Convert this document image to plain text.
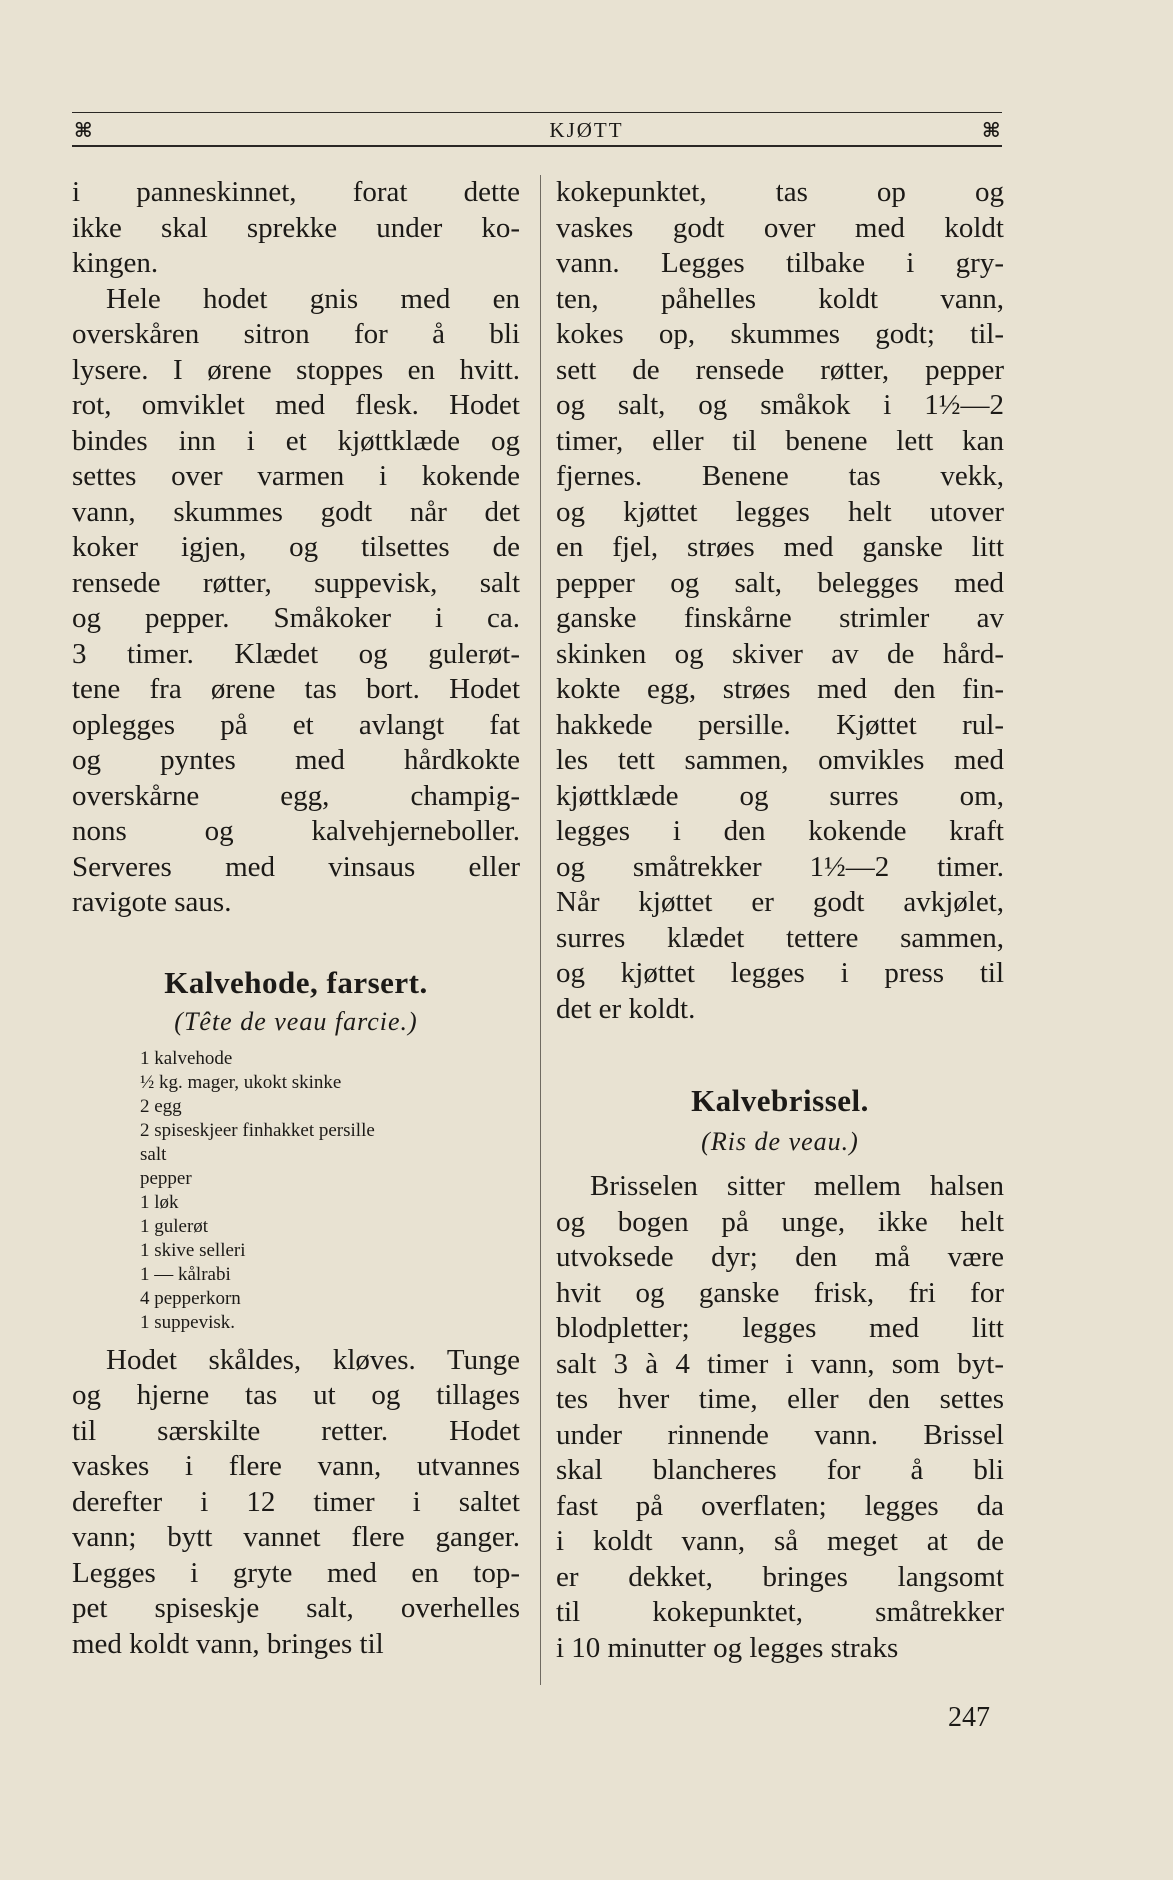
⌘	KJØTT	⌘
i panneskinnet, forat dette
ikke skal sprekke under ko-
kingen.
Hele hodet gnis med en
overskåren sitron for å bli
lysere. I ørene stoppes en hvitt.
rot, omviklet med flesk. Hodet
bindes inn i et kjøttklæde og
settes over varmen i kokende
vann, skummes godt når det
koker igjen, og tilsettes de
rensede røtter, suppevisk, salt
og pepper. Småkoker i ca.
3 timer. Klædet og gulerøt-
tene fra ørene tas bort. Hodet
oplegges på et avlangt fat
og pyntes med hårdkokte
overskårne egg, champig-
nons og kalvehjerneboller.
Serveres med vinsaus eller
ravigote saus.
Kalvehode, farsert.

(Tête de veau farcie.)

1 kalvehode
½ kg. mager, ukokt skinke
2 egg
2 spiseskjeer finhakket persille
salt
pepper
1 løk
1 gulerøt
1 skive selleri
1 — kålrabi
4 pepperkorn
1 suppevisk.
Hodet skåldes, kløves. Tunge
og hjerne tas ut og tillages
til særskilte retter. Hodet
vaskes i flere vann, utvannes
derefter i 12 timer i saltet
vann; bytt vannet flere ganger.
Legges i gryte med en top-
pet spiseskje salt, overhelles
med koldt vann, bringes til
kokepunktet, tas op og
vaskes godt over med koldt
vann. Legges tilbake i gry-
ten, påhelles koldt vann,
kokes op, skummes godt; til-
sett de rensede røtter, pepper
og salt, og småkok i 1½—2
timer, eller til benene lett kan
fjernes. Benene tas vekk,
og kjøttet legges helt utover
en fjel, strøes med ganske litt
pepper og salt, belegges med
ganske finskårne strimler av
skinken og skiver av de hård-
kokte egg, strøes med den fin-
hakkede persille. Kjøttet rul-
les tett sammen, omvikles med
kjøttklæde og surres om,
legges i den kokende kraft
og småtrekker 1½—2 timer.
Når kjøttet er godt avkjølet,
surres klædet tettere sammen,
og kjøttet legges i press til
det er koldt.
Kalvebrissel.

(Ris de veau.)

Brisselen sitter mellem halsen
og bogen på unge, ikke helt
utvoksede dyr; den må være
hvit og ganske frisk, fri for
blodpletter; legges med litt
salt 3 à 4 timer i vann, som byt-
tes hver time, eller den settes
under rinnende vann. Brissel
skal blancheres for å bli
fast på overflaten; legges da
i koldt vann, så meget at de
er dekket, bringes langsomt
til kokepunktet, småtrekker
i 10 minutter og legges straks
247
